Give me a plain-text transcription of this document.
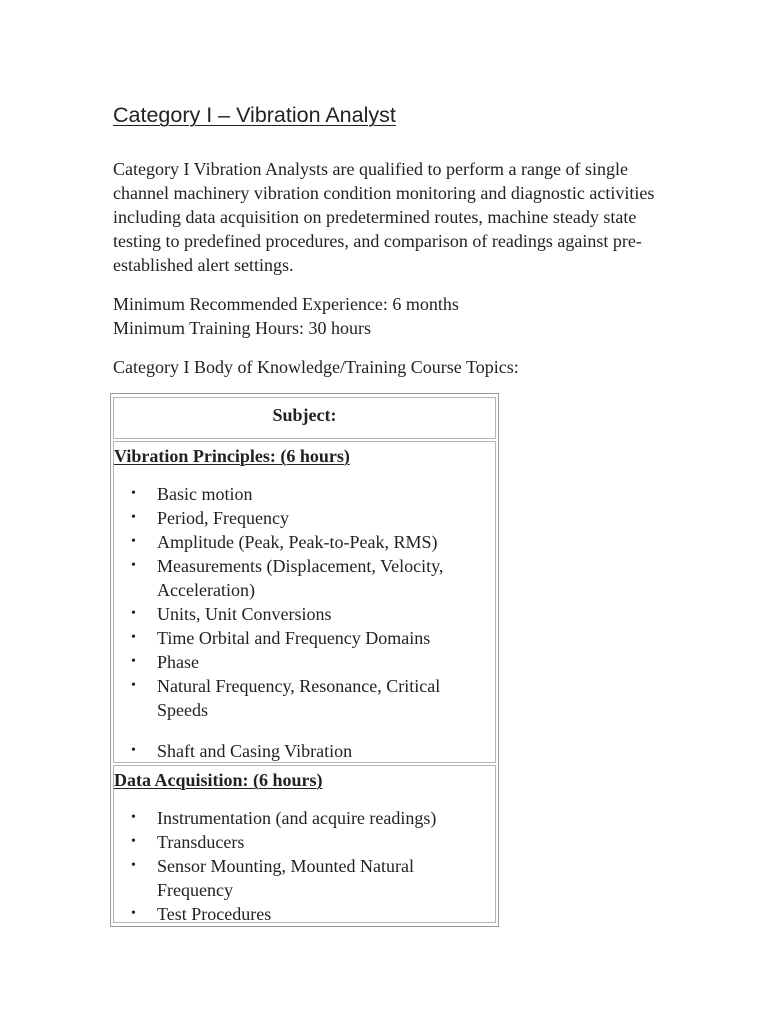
Category I – Vibration Analyst

Category I Vibration Analysts are qualified to perform a range of single channel machinery vibration condition monitoring and diagnostic activities including data acquisition on predetermined routes, machine steady state testing to predefined procedures, and comparison of readings against pre-established alert settings.

Minimum Recommended Experience: 6 months
Minimum Training Hours: 30 hours

Category I Body of Knowledge/Training Course Topics:

Subject:
Vibration Principles: (6 hours)
• Basic motion
• Period, Frequency
• Amplitude (Peak, Peak-to-Peak, RMS)
• Measurements (Displacement, Velocity, Acceleration)
• Units, Unit Conversions
• Time Orbital and Frequency Domains
• Phase
• Natural Frequency, Resonance, Critical Speeds
• Shaft and Casing Vibration
Data Acquisition: (6 hours)
• Instrumentation (and acquire readings)
• Transducers
• Sensor Mounting, Mounted Natural Frequency
• Test Procedures
